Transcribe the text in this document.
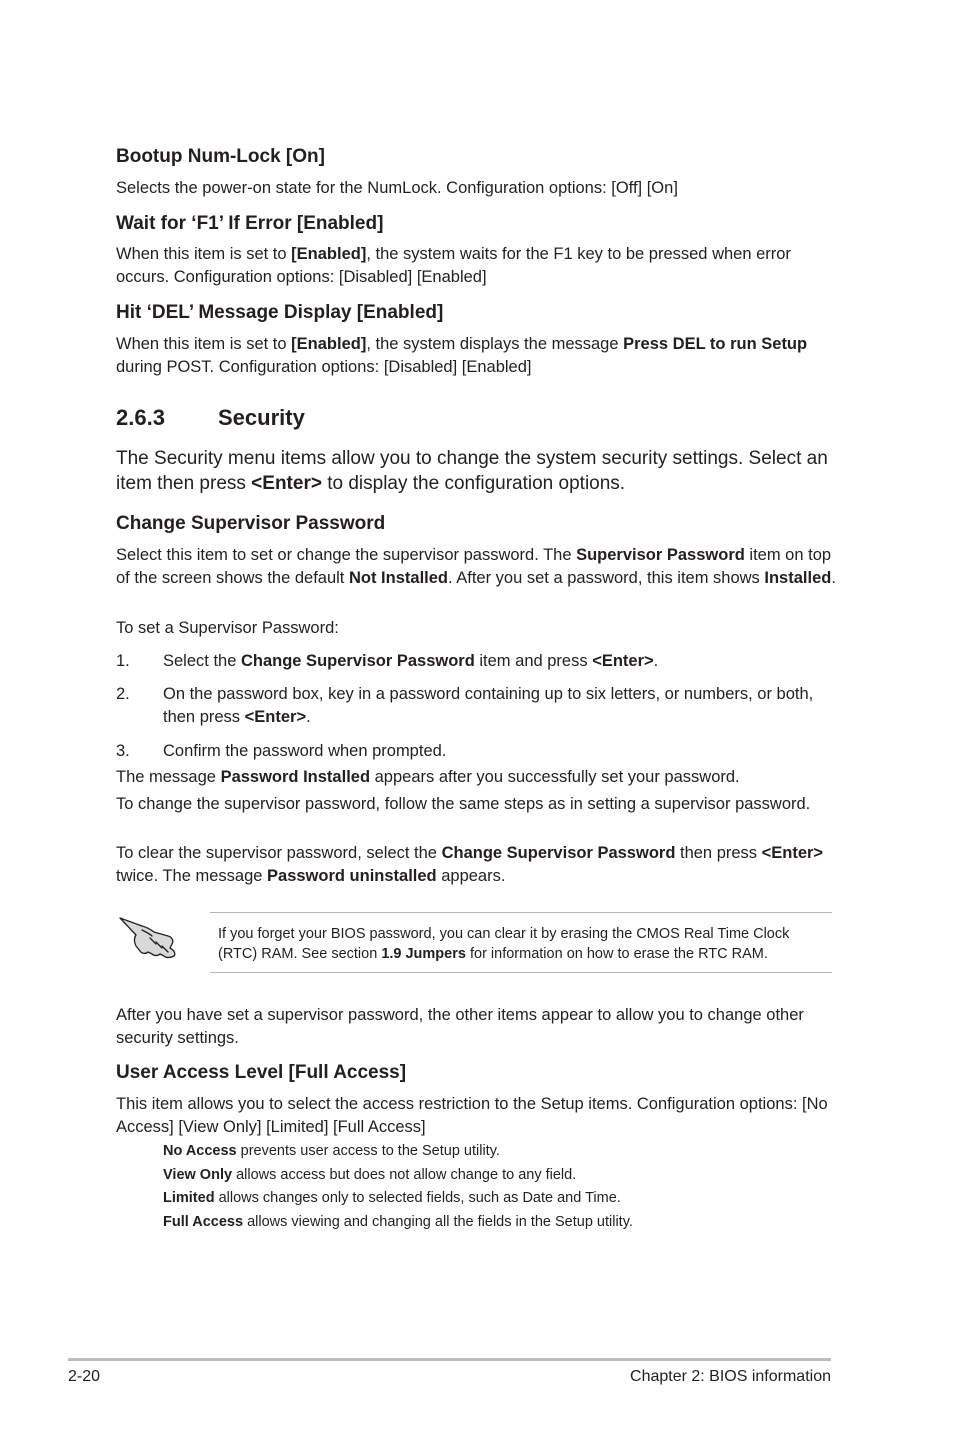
Bootup Num-Lock [On]

Selects the power-on state for the NumLock. Configuration options: [Off] [On]

Wait for ‘F1’ If Error [Enabled]

When this item is set to [Enabled], the system waits for the F1 key to be pressed when error occurs. Configuration options: [Disabled] [Enabled]

Hit ‘DEL’ Message Display [Enabled]

When this item is set to [Enabled], the system displays the message Press DEL to run Setup during POST. Configuration options: [Disabled] [Enabled]

2.6.3 Security

The Security menu items allow you to change the system security settings. Select an item then press <Enter> to display the configuration options.

Change Supervisor Password

Select this item to set or change the supervisor password. The Supervisor Password item on top of the screen shows the default Not Installed. After you set a password, this item shows Installed.

To set a Supervisor Password:

1. Select the Change Supervisor Password item and press <Enter>.

2. On the password box, key in a password containing up to six letters, or numbers, or both, then press <Enter>.

3. Confirm the password when prompted.

The message Password Installed appears after you successfully set your password.

To change the supervisor password, follow the same steps as in setting a supervisor password.

To clear the supervisor password, select the Change Supervisor Password then press <Enter> twice. The message Password uninstalled appears.

If you forget your BIOS password, you can clear it by erasing the CMOS Real Time Clock (RTC) RAM. See section 1.9 Jumpers for information on how to erase the RTC RAM.

After you have set a supervisor password, the other items appear to allow you to change other security settings.

User Access Level [Full Access]

This item allows you to select the access restriction to the Setup items. Configuration options: [No Access] [View Only] [Limited] [Full Access]

No Access prevents user access to the Setup utility.

View Only allows access but does not allow change to any field.

Limited allows changes only to selected fields, such as Date and Time.

Full Access allows viewing and changing all the fields in the Setup utility.

2-20	Chapter 2: BIOS information
